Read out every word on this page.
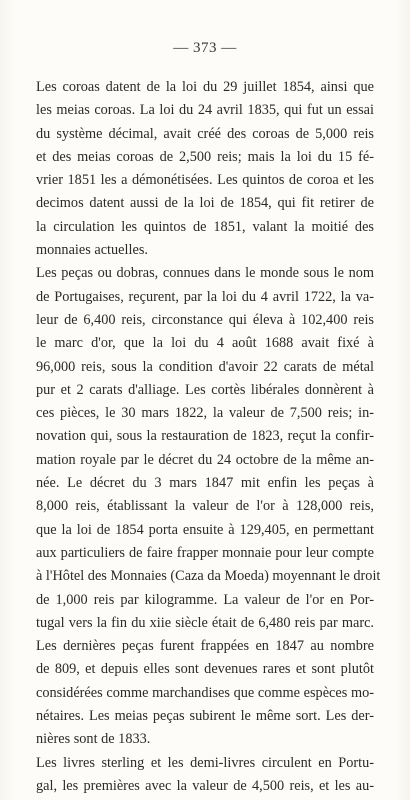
— 373 —
Les coroas datent de la loi du 29 juillet 1854, ainsi que
les meias coroas. La loi du 24 avril 1835, qui fut un essai
du système décimal, avait créé des coroas de 5,000 reis
et des meias coroas de 2,500 reis; mais la loi du 15 fé-
vrier 1851 les a démonétisées. Les quintos de coroa et les
decimos datent aussi de la loi de 1854, qui fit retirer de
la circulation les quintos de 1851, valant la moitié des
monnaies actuelles.
Les peças ou dobras, connues dans le monde sous le nom
de Portugaises, reçurent, par la loi du 4 avril 1722, la va-
leur de 6,400 reis, circonstance qui éleva à 102,400 reis
le marc d'or, que la loi du 4 août 1688 avait fixé à
96,000 reis, sous la condition d'avoir 22 carats de métal
pur et 2 carats d'alliage. Les cortès libérales donnèrent à
ces pièces, le 30 mars 1822, la valeur de 7,500 reis; in-
novation qui, sous la restauration de 1823, reçut la confir-
mation royale par le décret du 24 octobre de la même an-
née. Le décret du 3 mars 1847 mit enfin les peças à
8,000 reis, établissant la valeur de l'or à 128,000 reis,
que la loi de 1854 porta ensuite à 129,405, en permettant
aux particuliers de faire frapper monnaie pour leur compte
à l'Hôtel des Monnaies (Caza da Moeda) moyennant le droit
de 1,000 reis par kilogramme. La valeur de l'or en Por-
tugal vers la fin du xiie siècle était de 6,480 reis par marc.
Les dernières peças furent frappées en 1847 au nombre
de 809, et depuis elles sont devenues rares et sont plutôt
considérées comme marchandises que comme espèces mo-
nétaires. Les meias peças subirent le même sort. Les der-
nières sont de 1833.
Les livres sterling et les demi-livres circulent en Portu-
gal, les premières avec la valeur de 4,500 reis, et les au-
